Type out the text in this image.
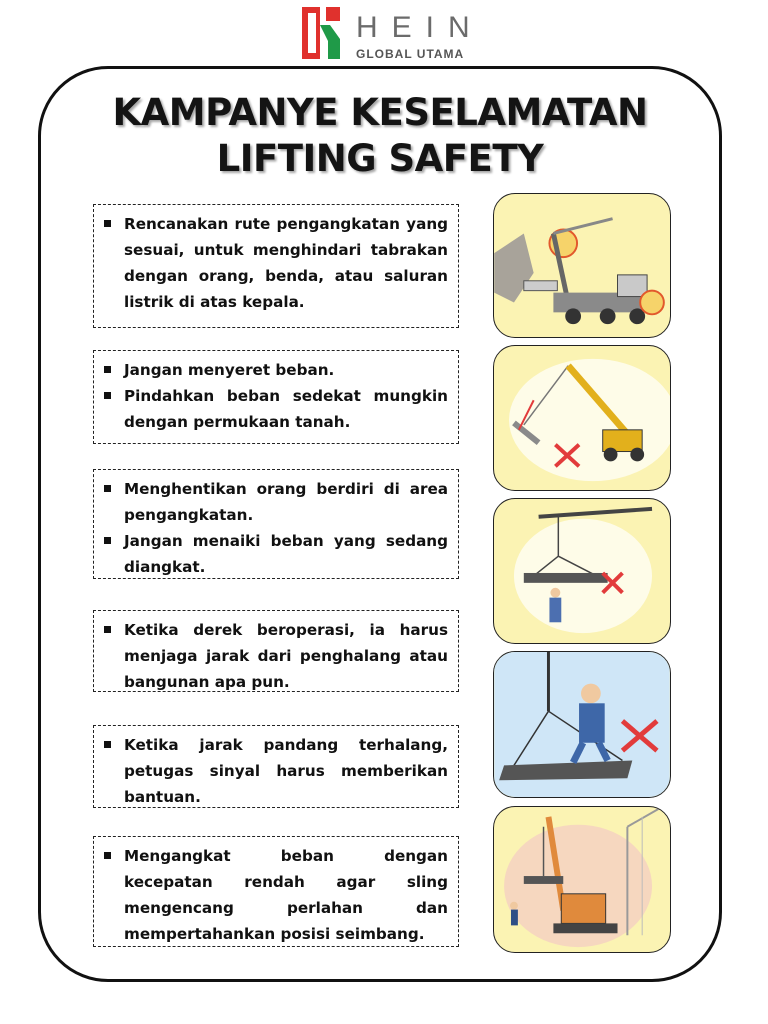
HEIN
GLOBAL UTAMA
KAMPANYE KESELAMATAN
LIFTING SAFETY
Rencanakan rute pengangkatan yang sesuai, untuk menghindari tabrakan dengan orang, benda, atau saluran listrik di atas kepala.
Jangan menyeret beban.
Pindahkan beban sedekat mungkin dengan permukaan tanah.
Menghentikan orang berdiri di area pengangkatan.
Jangan menaiki beban yang sedang diangkat.
Ketika derek beroperasi, ia harus menjaga jarak dari penghalang atau bangunan apa pun.
Ketika jarak pandang terhalang, petugas sinyal harus memberikan bantuan.
Mengangkat beban dengan kecepatan rendah agar sling mengencang perlahan dan mempertahankan posisi seimbang.
